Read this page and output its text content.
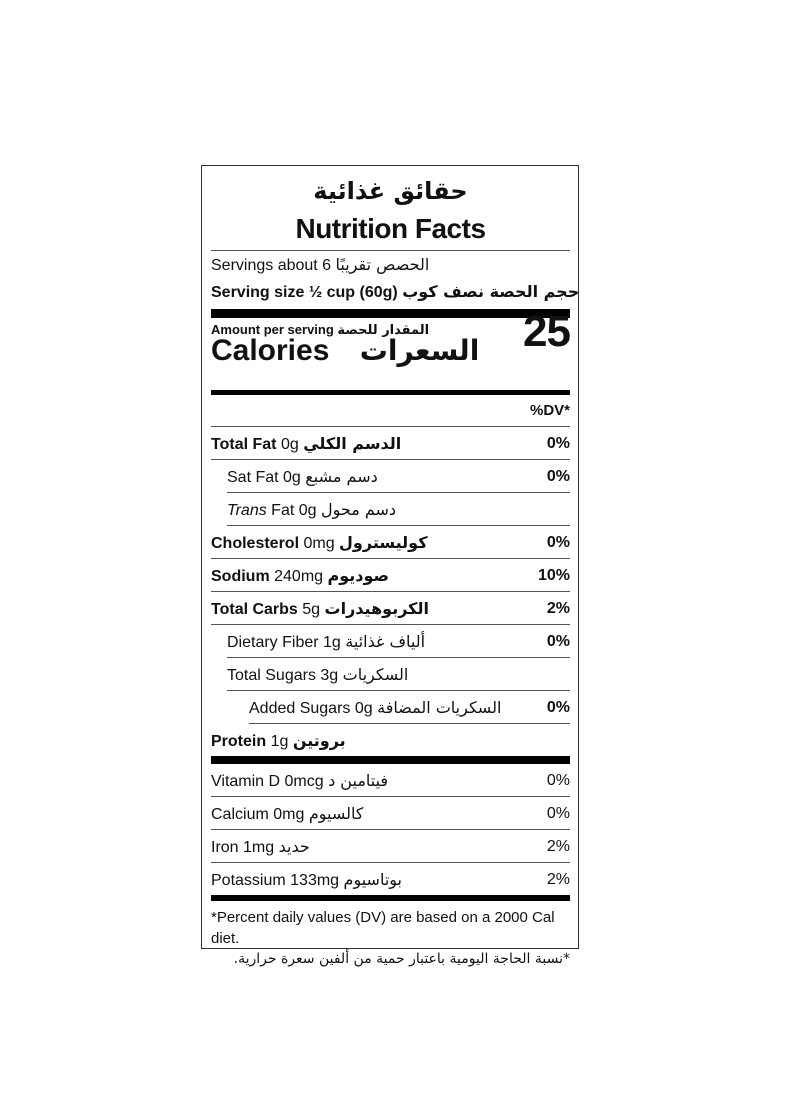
حقائق غذائية
Nutrition Facts
Servings about 6 الحصص تقريبًا
Serving size ½ cup (60g) حجم الحصة نصف كوب
Amount per serving المقدار للحصة
Calories السعرات 25
%DV*
Total Fat 0g الدسم الكلي	0%
Sat Fat 0g دسم مشبع	0%
Trans Fat 0g دسم محول
Cholesterol 0mg كوليسترول	0%
Sodium 240mg صوديوم	10%
Total Carbs 5g الكربوهيدرات	2%
Dietary Fiber 1g ألياف غذائية	0%
Total Sugars 3g السكريات
Added Sugars 0g السكريات المضافة	0%
Protein 1g بروتين
Vitamin D 0mcg فيتامين د	0%
Calcium 0mg كالسيوم	0%
Iron 1mg حديد	2%
Potassium 133mg بوتاسيوم	2%
*Percent daily values (DV) are based on a 2000 Cal diet.
*نسبة الحاجة اليومية باعتبار حمية من ألفين سعرة حرارية.
